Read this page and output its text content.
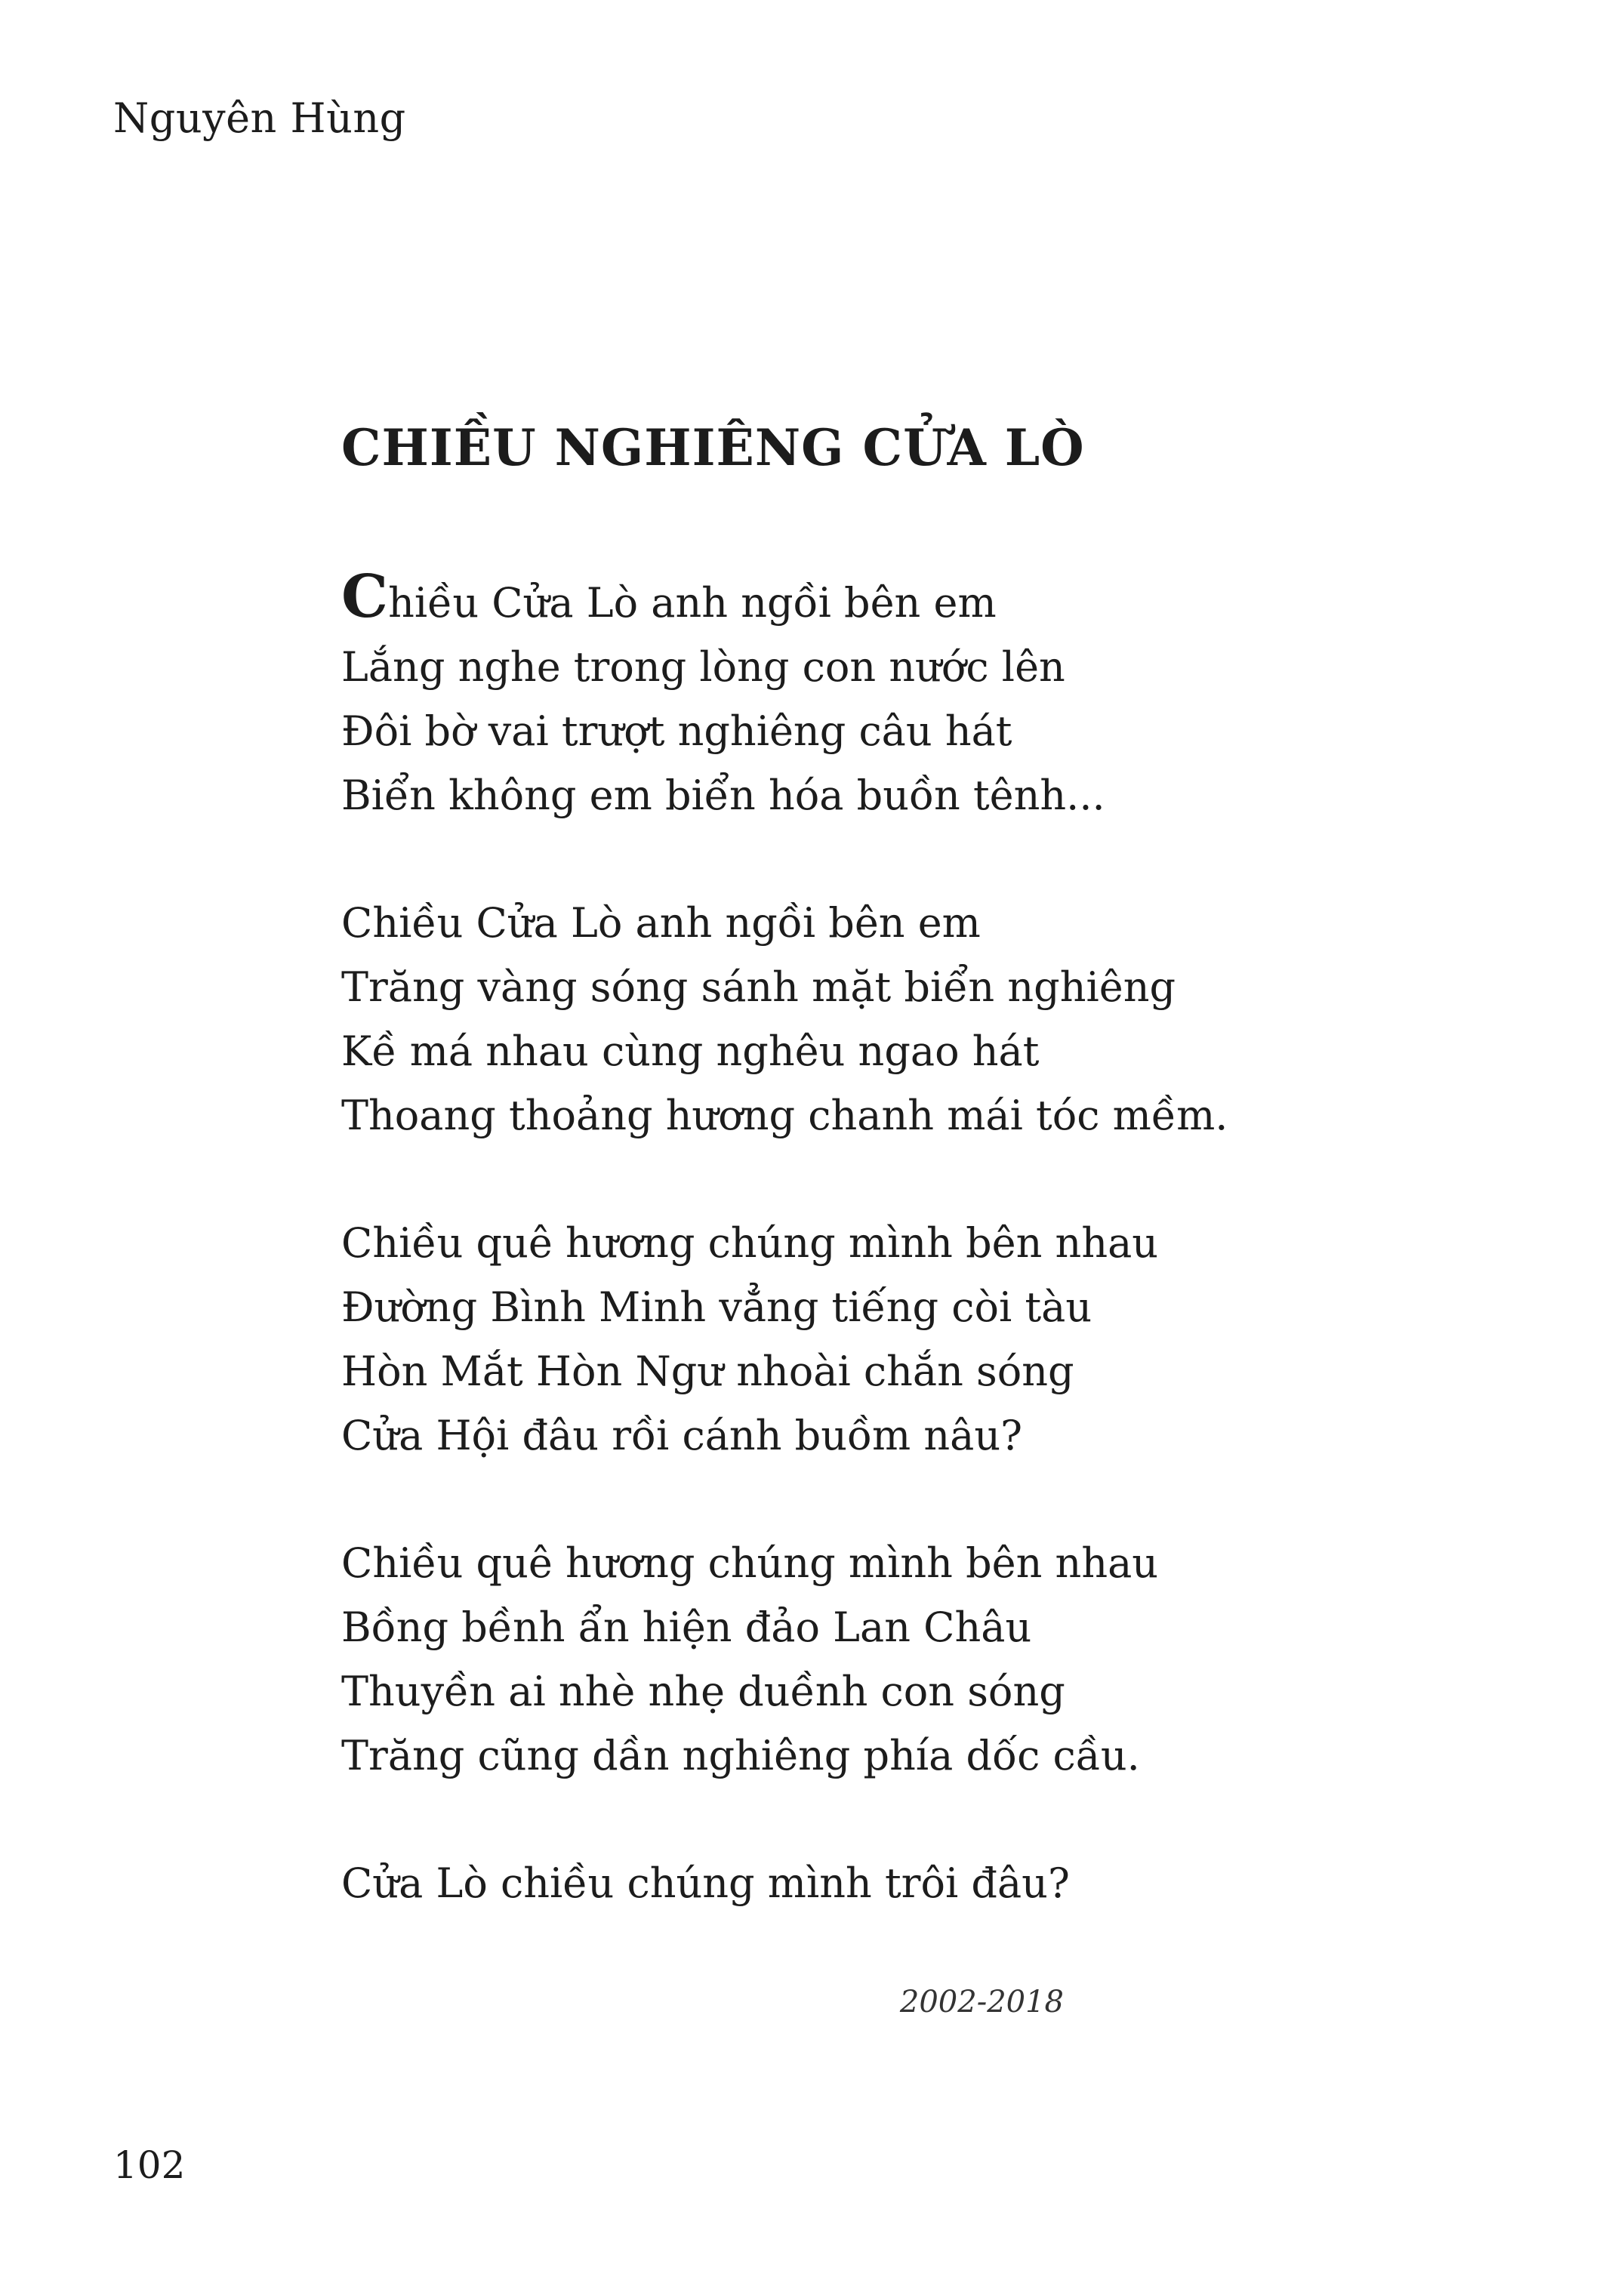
Nguyên Hùng
CHIỀU NGHIÊNG CỬA LÒ
Chiều Cửa Lò anh ngồi bên em
Lắng nghe trong lòng con nước lên
Đôi bờ vai trượt nghiêng câu hát
Biển không em biển hóa buồn tênh...
Chiều Cửa Lò anh ngồi bên em
Trăng vàng sóng sánh mặt biển nghiêng
Kề má nhau cùng nghêu ngao hát
Thoang thoảng hương chanh mái tóc mềm.
Chiều quê hương chúng mình bên nhau
Đường Bình Minh vẳng tiếng còi tàu
Hòn Mắt Hòn Ngư nhoài chắn sóng
Cửa Hội đâu rồi cánh buồm nâu?
Chiều quê hương chúng mình bên nhau
Bồng bềnh ẩn hiện đảo Lan Châu
Thuyền ai nhè nhẹ duềnh con sóng
Trăng cũng dần nghiêng phía dốc cầu.
Cửa Lò chiều chúng mình trôi đâu?
2002-2018
102
